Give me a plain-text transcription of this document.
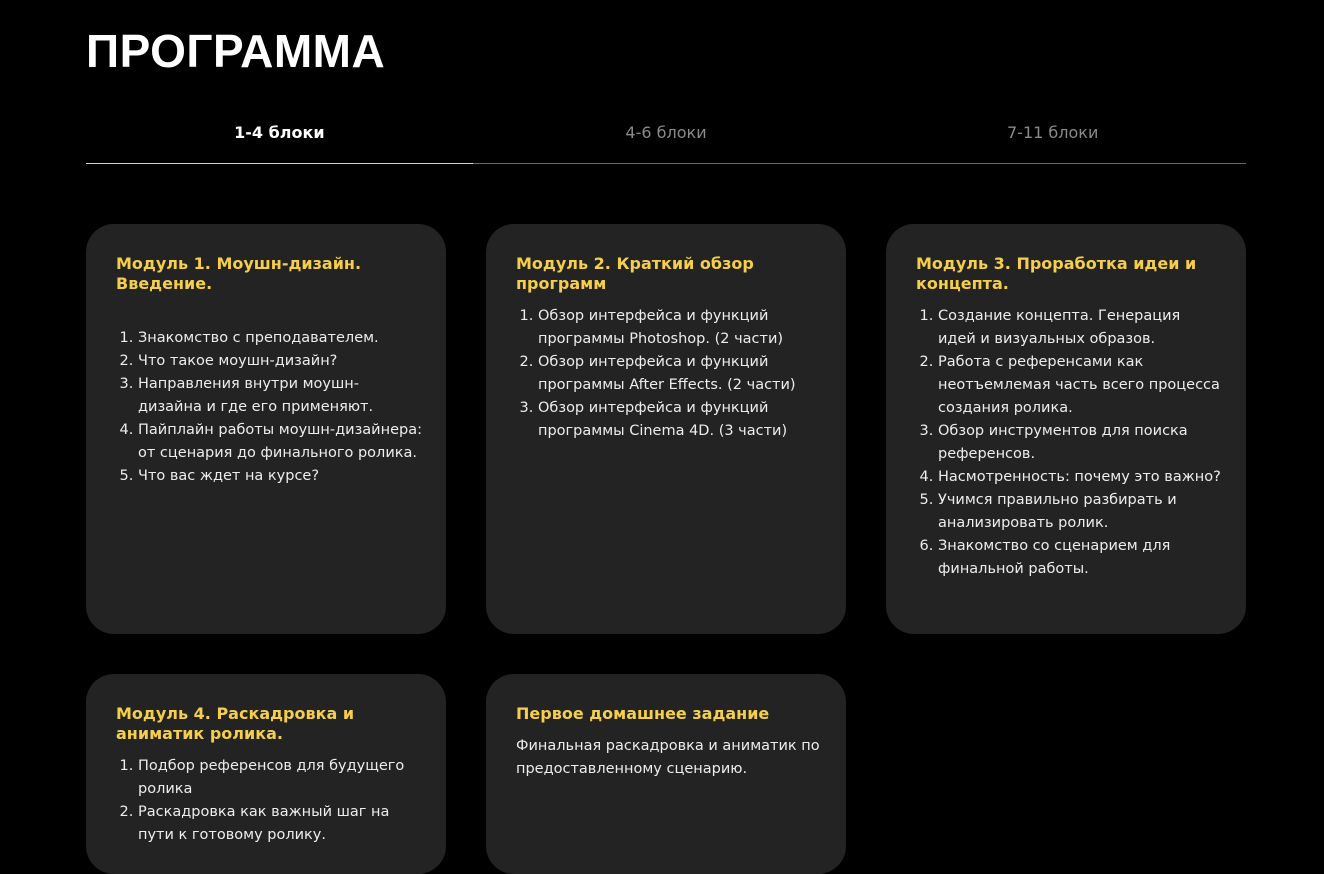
ПРОГРАММА
1-4 блоки	4-6 блоки	7-11 блоки
Модуль 1. Моушн-дизайн. Введение.
1. Знакомство с преподавателем.
2. Что такое моушн-дизайн?
3. Направления внутри моушн-дизайна и где его применяют.
4. Пайплайн работы моушн-дизайнера: от сценария до финального ролика.
5. Что вас ждет на курсе?
Модуль 2. Краткий обзор программ
1. Обзор интерфейса и функций программы Photoshop. (2 части)
2. Обзор интерфейса и функций программы After Effects. (2 части)
3. Обзор интерфейса и функций программы Cinema 4D. (3 части)
Модуль 3. Проработка идеи и концепта.
1. Создание концепта. Генерация идей и визуальных образов.
2. Работа с референсами как неотъемлемая часть всего процесса создания ролика.
3. Обзор инструментов для поиска референсов.
4. Насмотренность: почему это важно?
5. Учимся правильно разбирать и анализировать ролик.
6. Знакомство со сценарием для финальной работы.
Модуль 4. Раскадровка и аниматик ролика.
1. Подбор референсов для будущего ролика
2. Раскадровка как важный шаг на пути к готовому ролику.
Первое домашнее задание

Финальная раскадровка и аниматик по предоставленному сценарию.
